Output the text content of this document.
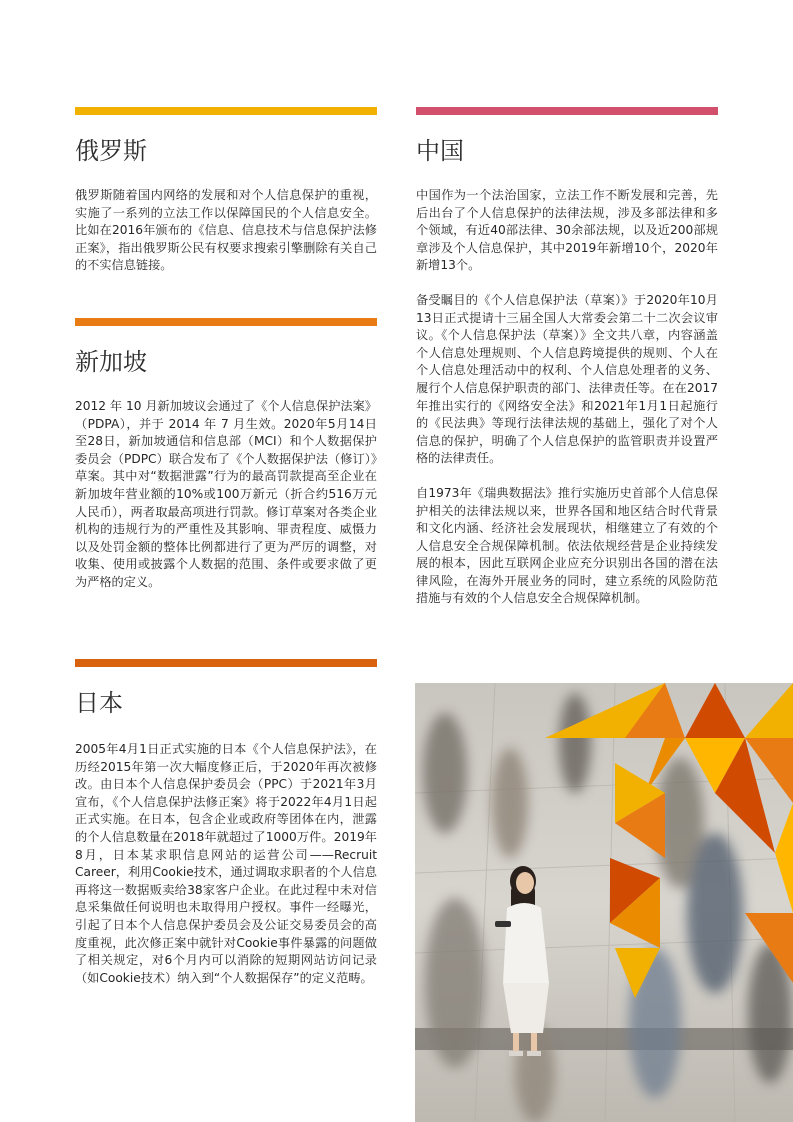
俄罗斯

俄罗斯随着国内网络的发展和对个人信息保护的重视，实施了一系列的立法工作以保障国民的个人信息安全。比如在2016年颁布的《信息、信息技术与信息保护法修正案》，指出俄罗斯公民有权要求搜索引擎删除有关自己的不实信息链接。

新加坡

2012 年 10 月新加坡议会通过了《个人信息保护法案》（PDPA），并于 2014 年 7 月生效。2020年5月14日至28日，新加坡通信和信息部（MCI）和个人数据保护委员会（PDPC）联合发布了《个人数据保护法（修订）》草案。其中对“数据泄露”行为的最高罚款提高至企业在新加坡年营业额的10%或100万新元（折合约516万元人民币），两者取最高项进行罚款。修订草案对各类企业机构的违规行为的严重性及其影响、罪责程度、威慑力以及处罚金额的整体比例都进行了更为严厉的调整，对收集、使用或披露个人数据的范围、条件或要求做了更为严格的定义。

日本

2005年4月1日正式实施的日本《个人信息保护法》，在历经2015年第一次大幅度修正后，于2020年再次被修改。由日本个人信息保护委员会（PPC）于2021年3月宣布，《个人信息保护法修正案》将于2022年4月1日起正式实施。在日本，包含企业或政府等团体在内，泄露的个人信息数量在2018年就超过了1000万件。2019年8月，日本某求职信息网站的运营公司——Recruit Career，利用Cookie技术，通过调取求职者的个人信息再将这一数据贩卖给38家客户企业。在此过程中未对信息采集做任何说明也未取得用户授权。事件一经曝光，引起了日本个人信息保护委员会及公证交易委员会的高度重视，此次修正案中就针对Cookie事件暴露的问题做了相关规定，对6个月内可以消除的短期网站访问记录（如Cookie技术）纳入到“个人数据保存”的定义范畴。

中国

中国作为一个法治国家，立法工作不断发展和完善，先后出台了个人信息保护的法律法规，涉及多部法律和多个领域，有近40部法律、30余部法规，以及近200部规章涉及个人信息保护，其中2019年新增10个，2020年新增13个。

备受瞩目的《个人信息保护法（草案）》于2020年10月13日正式提请十三届全国人大常委会第二十二次会议审议。《个人信息保护法（草案）》全文共八章，内容涵盖个人信息处理规则、个人信息跨境提供的规则、个人在个人信息处理活动中的权利、个人信息处理者的义务、履行个人信息保护职责的部门、法律责任等。在在2017年推出实行的《网络安全法》和2021年1月1日起施行的《民法典》等现行法律法规的基础上，强化了对个人信息的保护，明确了个人信息保护的监管职责并设置严格的法律责任。

自1973年《瑞典数据法》推行实施历史首部个人信息保护相关的法律法规以来，世界各国和地区结合时代背景和文化内涵、经济社会发展现状，相继建立了有效的个人信息安全合规保障机制。依法依规经营是企业持续发展的根本，因此互联网企业应充分识别出各国的潜在法律风险，在海外开展业务的同时，建立系统的风险防范措施与有效的个人信息安全合规保障机制。
